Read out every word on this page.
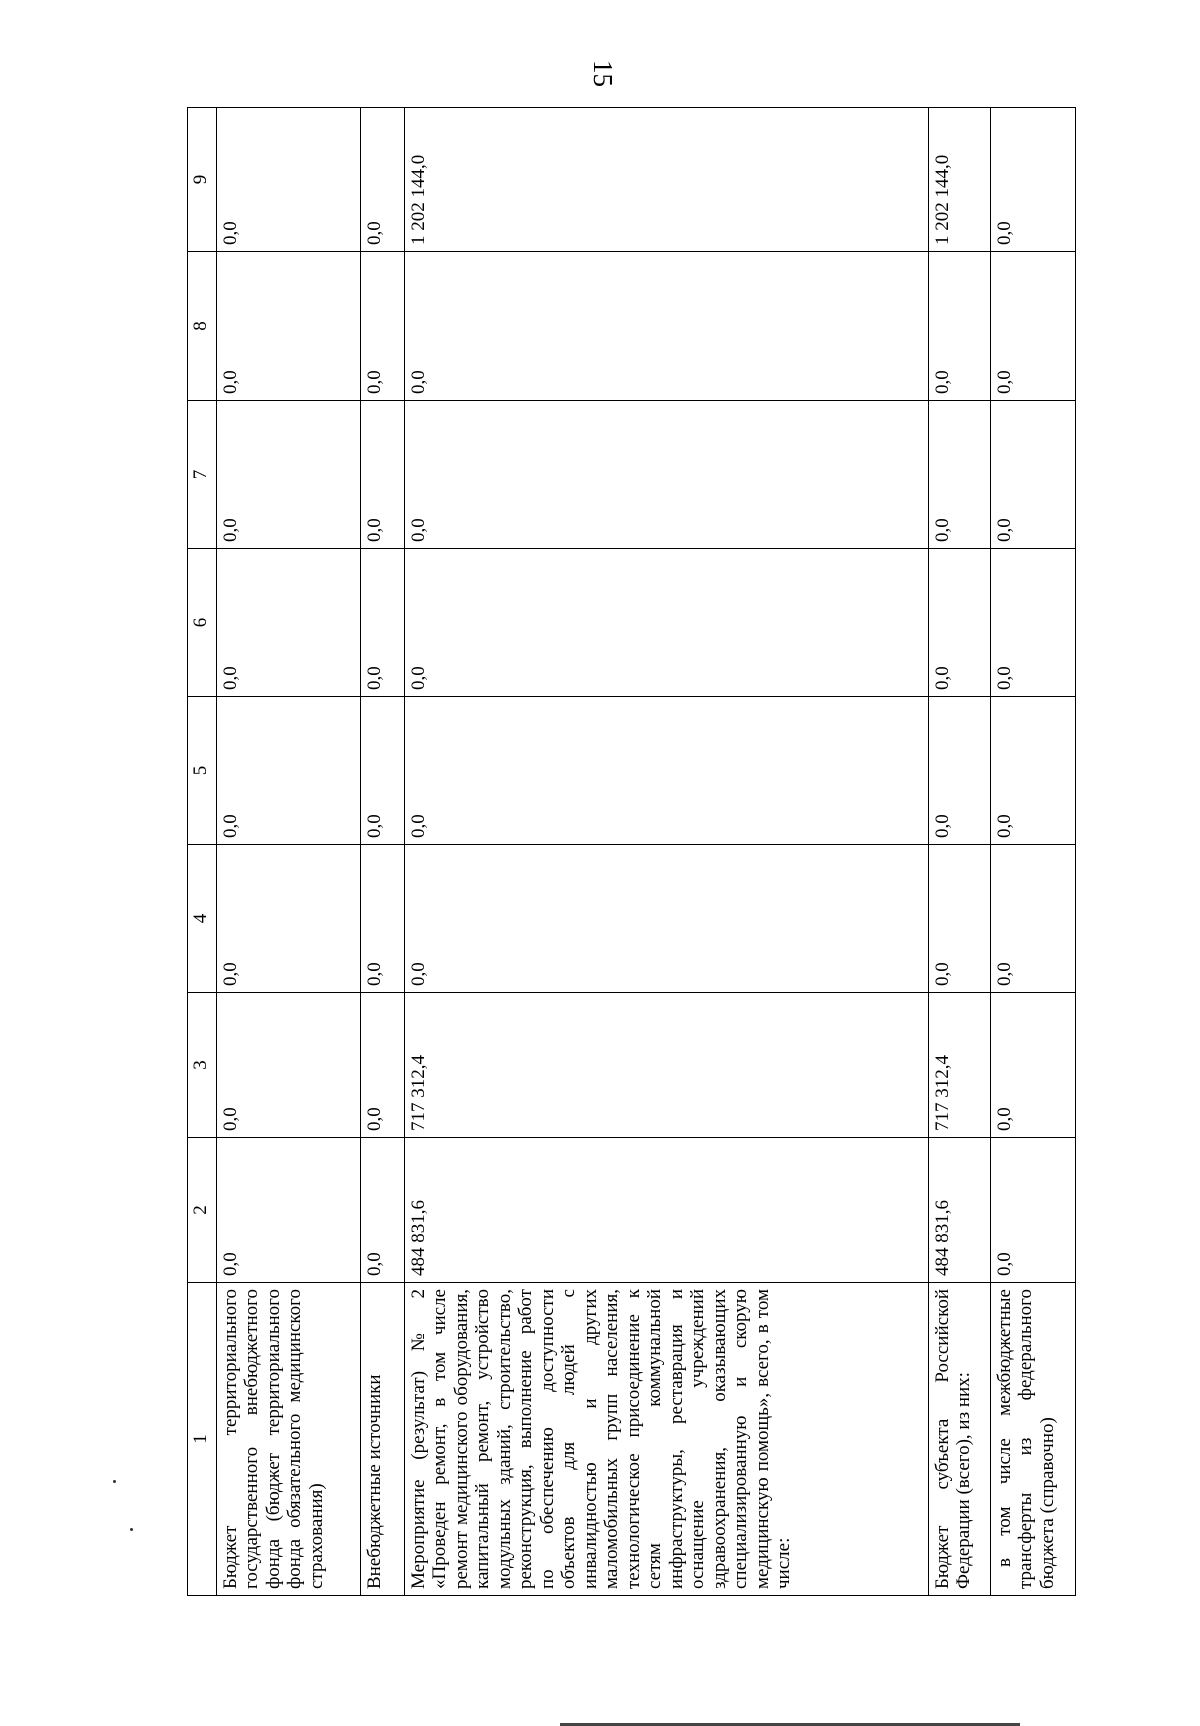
15
1	2	3	4	5	6	7	8	9
Бюджет территориального государственного внебюджетного фонда (бюджет территориального фонда обязательного медицинского страхования)	0,0	0,0	0,0	0,0	0,0	0,0	0,0	0,0
Внебюджетные источники	0,0	0,0	0,0	0,0	0,0	0,0	0,0	0,0
Мероприятие (результат) № 2 «Проведен ремонт, в том числе ремонт медицинского оборудования, капитальный ремонт, устройство модульных зданий, строительство, реконструкция, выполнение работ по обеспечению доступности объектов для людей с инвалидностью и других маломобильных групп населения, технологическое присоединение к сетям коммунальной инфраструктуры, реставрация и оснащение учреждений здравоохранения, оказывающих специализированную и скорую медицинскую помощь», всего, в том числе:	484 831,6	717 312,4	0,0	0,0	0,0	0,0	0,0	1 202 144,0
Бюджет субъекта Российской Федерации (всего), из них:	484 831,6	717 312,4	0,0	0,0	0,0	0,0	0,0	1 202 144,0
в том числе межбюджетные трансферты из федерального бюджета (справочно)	0,0	0,0	0,0	0,0	0,0	0,0	0,0	0,0
